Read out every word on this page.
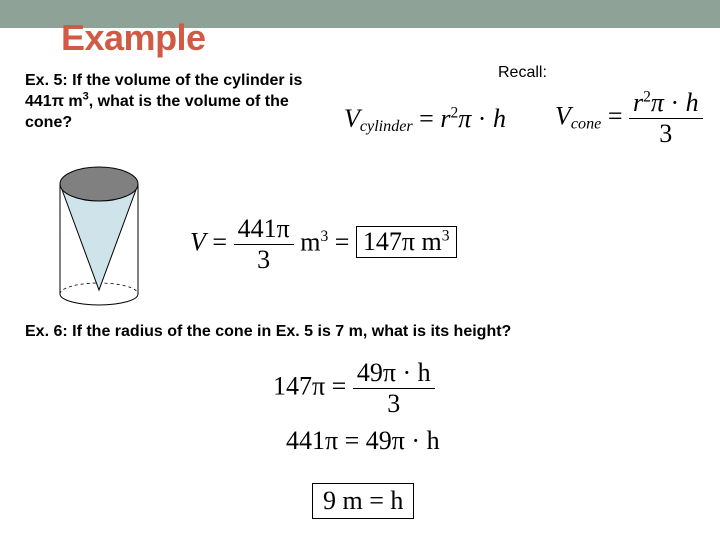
Example
Ex. 5: If the volume of the cylinder is 441π $m^3$, what is the volume of the cone?
Recall:
$V_{cylinder} = r^2\pi \cdot h$ $V_{cone} = \frac{r^2\pi \cdot h}{3}$
$V = \frac{441\pi}{3} m^3 = 147\pi$ $m^3$
Ex. 6: If the radius of the cone in Ex. 5 is 7 m, what is its height?
$147\pi = \frac{49\pi \cdot h}{3}$
441π = 49π · h
9 m = h
